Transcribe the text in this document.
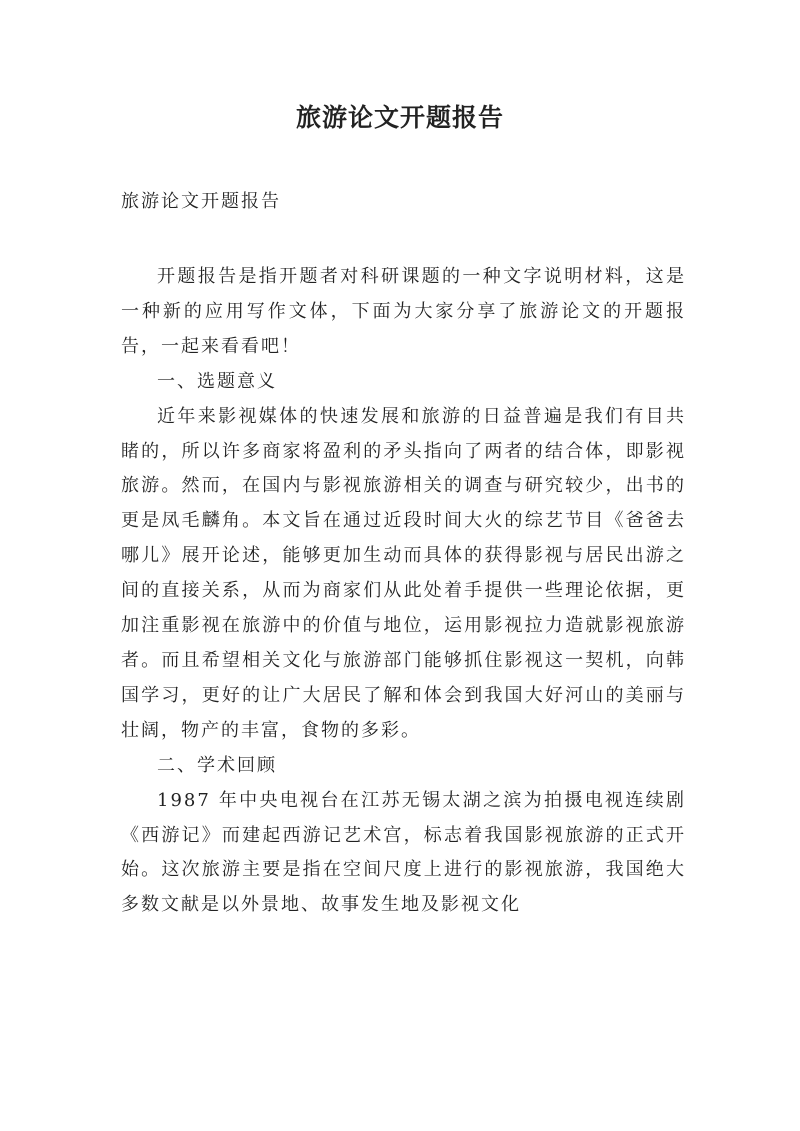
旅游论文开题报告
旅游论文开题报告

开题报告是指开题者对科研课题的一种文字说明材料，这是一种新的应用写作文体，下面为大家分享了旅游论文的开题报告，一起来看看吧！

一、选题意义

近年来影视媒体的快速发展和旅游的日益普遍是我们有目共睹的，所以许多商家将盈利的矛头指向了两者的结合体，即影视旅游。然而，在国内与影视旅游相关的调查与研究较少，出书的更是凤毛麟角。本文旨在通过近段时间大火的综艺节目《爸爸去哪儿》展开论述，能够更加生动而具体的获得影视与居民出游之间的直接关系，从而为商家们从此处着手提供一些理论依据，更加注重影视在旅游中的价值与地位，运用影视拉力造就影视旅游者。而且希望相关文化与旅游部门能够抓住影视这一契机，向韩国学习，更好的让广大居民了解和体会到我国大好河山的美丽与壮阔，物产的丰富，食物的多彩。

二、学术回顾

1987 年中央电视台在江苏无锡太湖之滨为拍摄电视连续剧《西游记》而建起西游记艺术宫，标志着我国影视旅游的正式开始。这次旅游主要是指在空间尺度上进行的影视旅游，我国绝大多数文献是以外景地、故事发生地及影视文化
